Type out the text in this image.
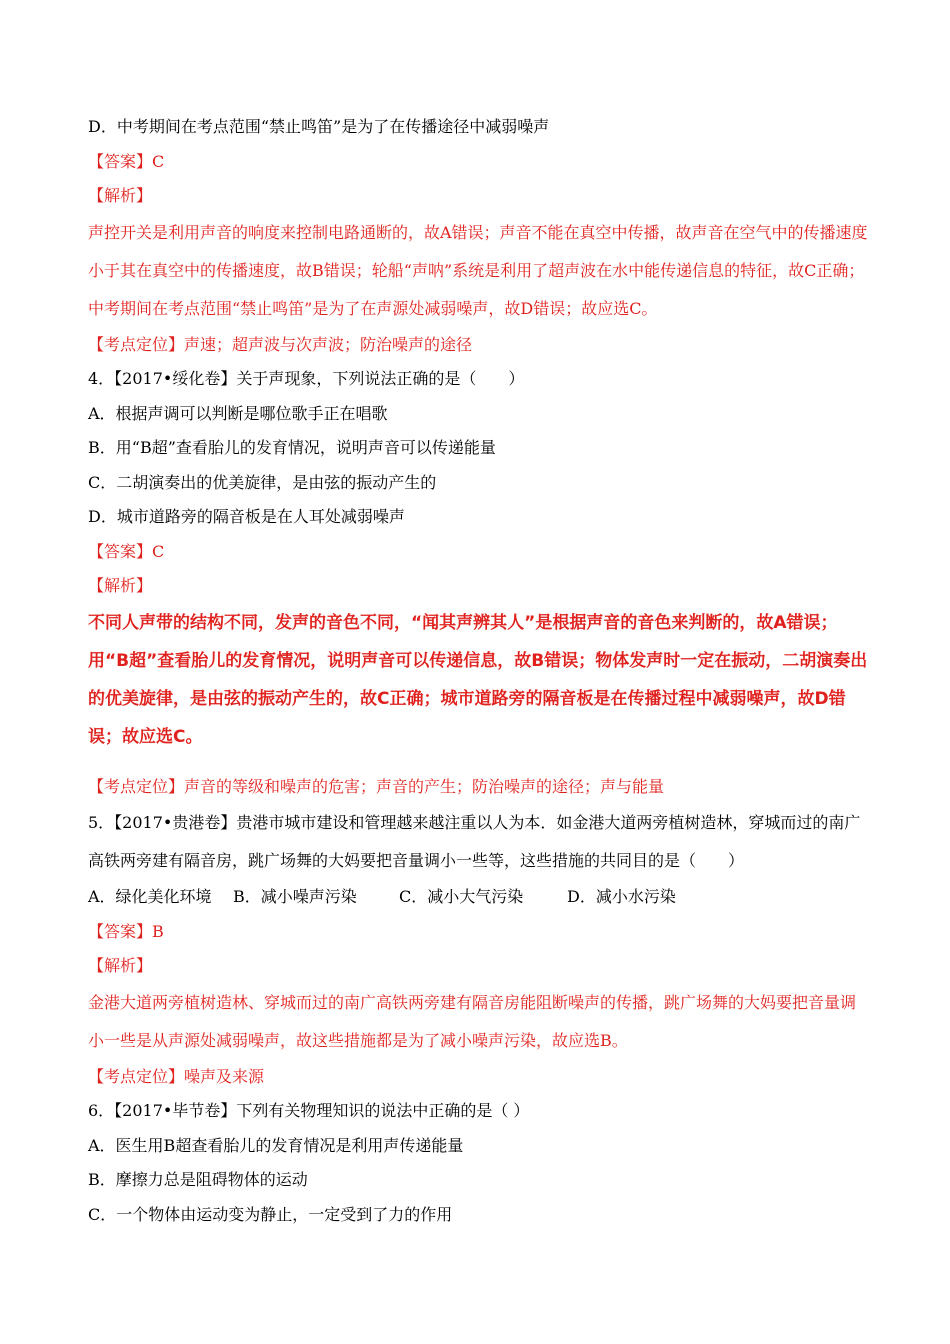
D．中考期间在考点范围“禁止鸣笛”是为了在传播途径中减弱噪声
【答案】C
【解析】
声控开关是利用声音的响度来控制电路通断的，故A错误；声音不能在真空中传播，故声音在空气中的传播速度小于其在真空中的传播速度，故B错误；轮船“声呐”系统是利用了超声波在水中能传递信息的特征，故C正确；中考期间在考点范围“禁止鸣笛”是为了在声源处减弱噪声，故D错误；故应选C。
【考点定位】声速；超声波与次声波；防治噪声的途径
4．【2017•绥化卷】关于声现象，下列说法正确的是（　　）
A．根据声调可以判断是哪位歌手正在唱歌
B．用“B超”查看胎儿的发育情况，说明声音可以传递能量
C．二胡演奏出的优美旋律，是由弦的振动产生的
D．城市道路旁的隔音板是在人耳处减弱噪声
【答案】C
【解析】
不同人声带的结构不同，发声的音色不同，“闻其声辨其人”是根据声音的音色来判断的，故A错误；用“B超”查看胎儿的发育情况，说明声音可以传递信息，故B错误；物体发声时一定在振动，二胡演奏出的优美旋律，是由弦的振动产生的，故C正确；城市道路旁的隔音板是在传播过程中减弱噪声，故D错误；故应选C。
【考点定位】声音的等级和噪声的危害；声音的产生；防治噪声的途径；声与能量
5．【2017•贵港卷】贵港市城市建设和管理越来越注重以人为本．如金港大道两旁植树造林，穿城而过的南广高铁两旁建有隔音房，跳广场舞的大妈要把音量调小一些等，这些措施的共同目的是（　　）
A．绿化美化环境 B．减小噪声污染	C．减小大气污染	D．减小水污染
【答案】B
【解析】
金港大道两旁植树造林、穿城而过的南广高铁两旁建有隔音房能阻断噪声的传播，跳广场舞的大妈要把音量调小一些是从声源处减弱噪声，故这些措施都是为了减小噪声污染，故应选B。
【考点定位】噪声及来源
6．【2017•毕节卷】下列有关物理知识的说法中正确的是（ ）
A．医生用B超查看胎儿的发育情况是利用声传递能量
B．摩擦力总是阻碍物体的运动
C．一个物体由运动变为静止，一定受到了力的作用
